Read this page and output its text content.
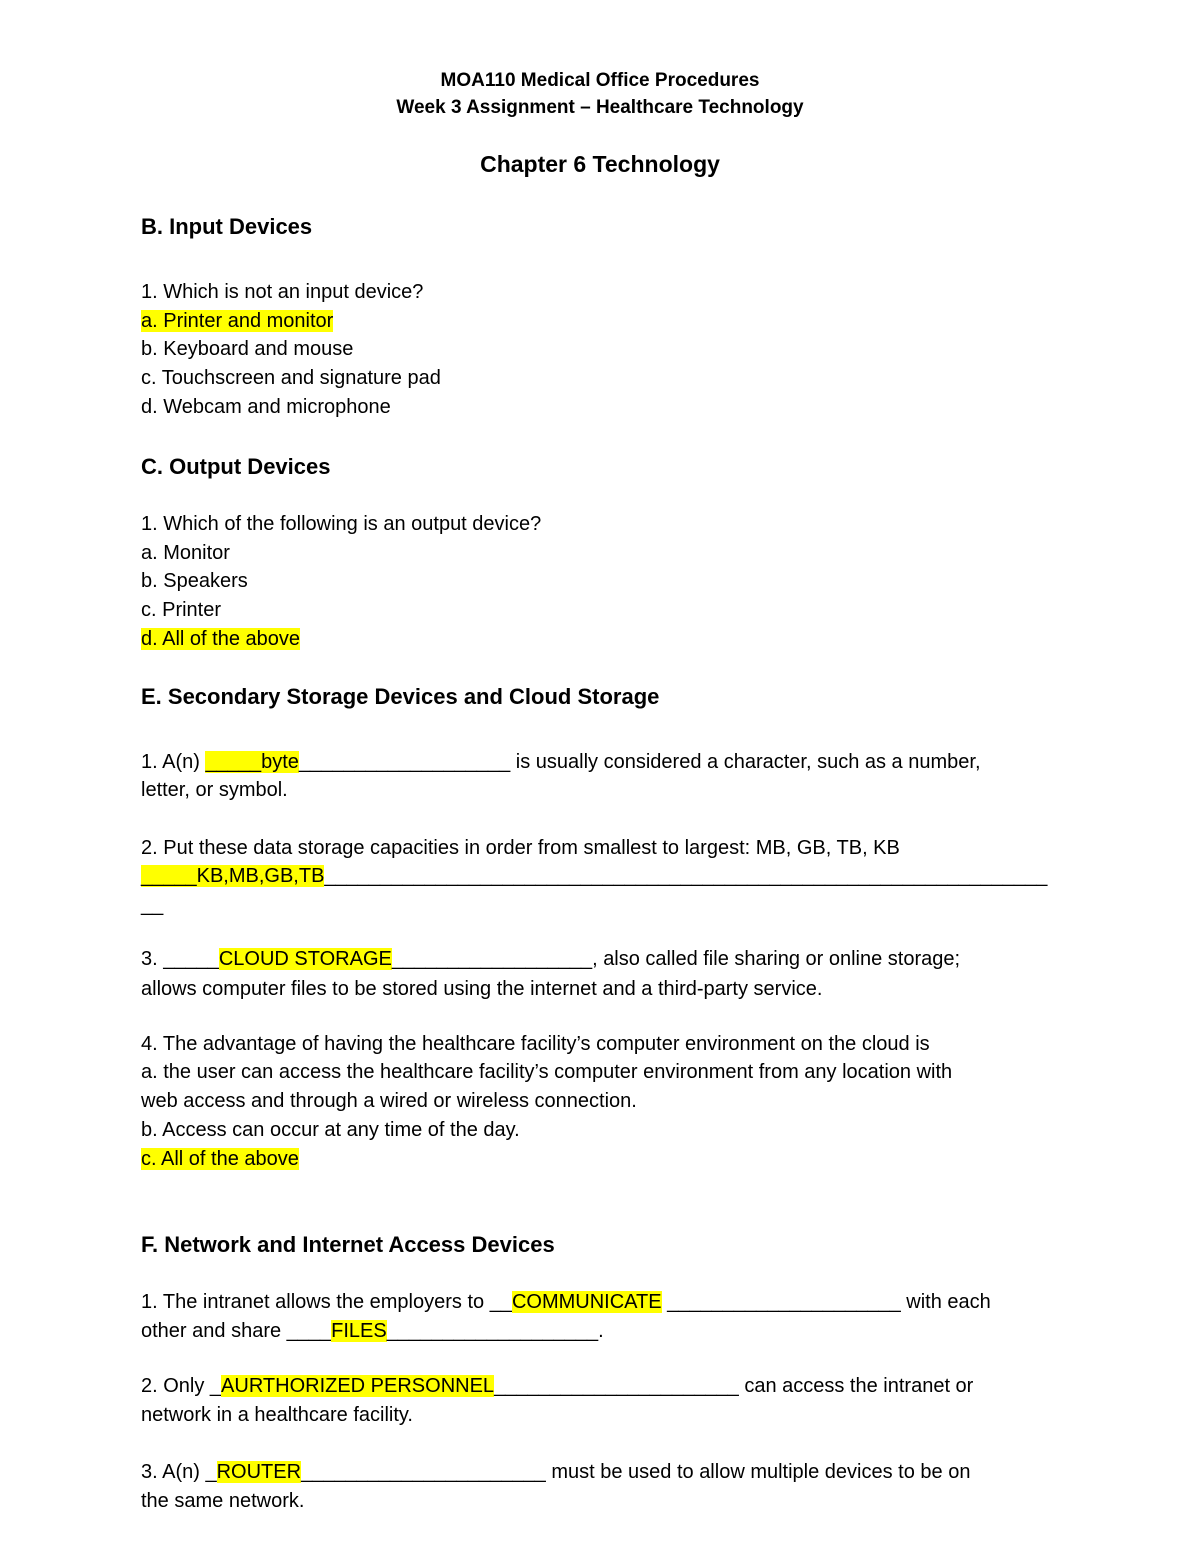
MOA110 Medical Office Procedures
Week 3 Assignment – Healthcare Technology
Chapter 6 Technology
B. Input Devices
1. Which is not an input device?
a. Printer and monitor
b. Keyboard and mouse
c. Touchscreen and signature pad
d. Webcam and microphone
C. Output Devices
1. Which of the following is an output device?
a. Monitor
b. Speakers
c. Printer
d. All of the above
E. Secondary Storage Devices and Cloud Storage
1. A(n) _____byte___________________ is usually considered a character, such as a number,
letter, or symbol.
2. Put these data storage capacities in order from smallest to largest: MB, GB, TB, KB
_____KB,MB,GB,TB_________________________________________________________________
__
3. _____CLOUD STORAGE__________________, also called file sharing or online storage;
allows computer files to be stored using the internet and a third-party service.
4. The advantage of having the healthcare facility’s computer environment on the cloud is
a. the user can access the healthcare facility’s computer environment from any location with
web access and through a wired or wireless connection.
b. Access can occur at any time of the day.
c. All of the above
F. Network and Internet Access Devices
1. The intranet allows the employers to __COMMUNICATE _____________________ with each
other and share ____FILES___________________.
2. Only _AURTHORIZED PERSONNEL______________________ can access the intranet or
network in a healthcare facility.
3. A(n) _ROUTER______________________ must be used to allow multiple devices to be on
the same network.
